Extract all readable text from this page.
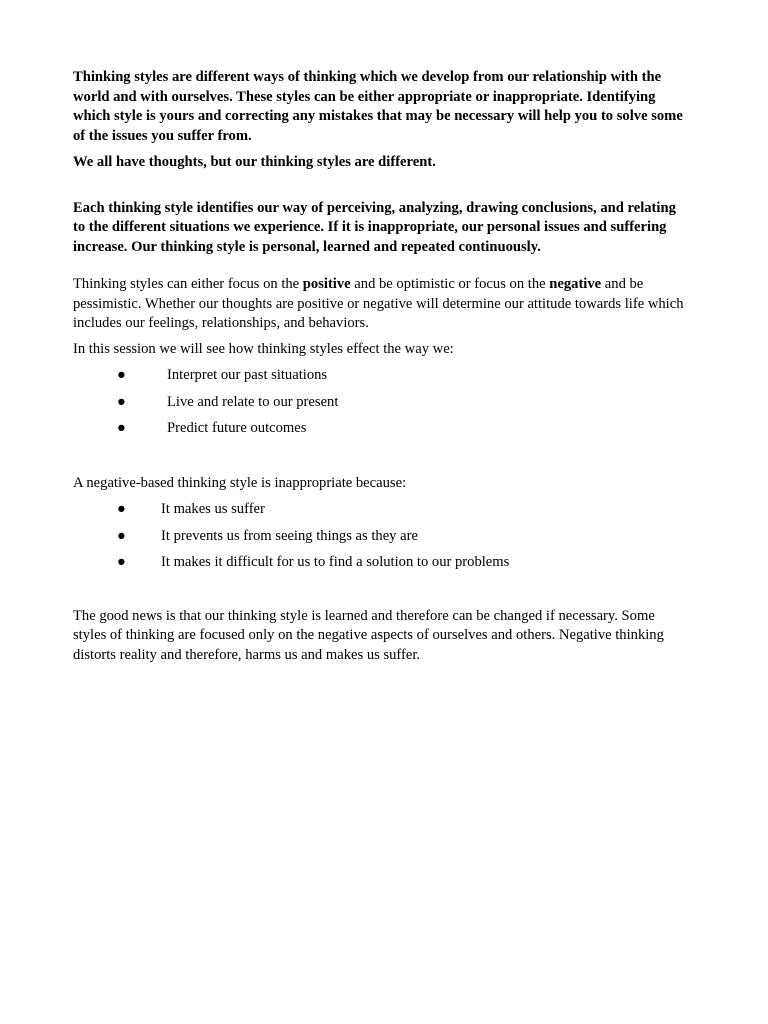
Thinking styles are different ways of thinking which we develop from our relationship with the world and with ourselves. These styles can be either appropriate or inappropriate. Identifying which style is yours and correcting any mistakes that may be necessary will help you to solve some of the issues you suffer from.

We all have thoughts, but our thinking styles are different.

Each thinking style identifies our way of perceiving, analyzing, drawing conclusions, and relating to the different situations we experience. If it is inappropriate, our personal issues and suffering increase. Our thinking style is personal, learned and repeated continuously.

Thinking styles can either focus on the positive and be optimistic or focus on the negative and be pessimistic. Whether our thoughts are positive or negative will determine our attitude towards life which includes our feelings, relationships, and behaviors.

In this session we will see how thinking styles effect the way we:

●	Interpret our past situations
●	Live and relate to our present
●	Predict future outcomes

A negative-based thinking style is inappropriate because:

●	It makes us suffer
●	It prevents us from seeing things as they are
●	It makes it difficult for us to find a solution to our problems

The good news is that our thinking style is learned and therefore can be changed if necessary. Some styles of thinking are focused only on the negative aspects of ourselves and others. Negative thinking distorts reality and therefore, harms us and makes us suffer.
